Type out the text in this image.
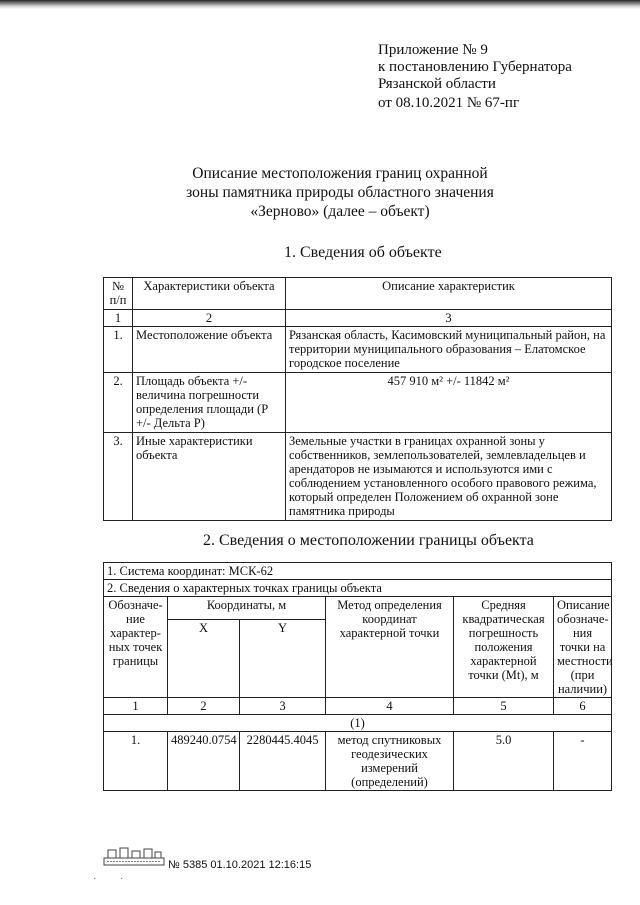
Приложение № 9
к постановлению Губернатора
Рязанской области
от 08.10.2021 № 67-пг
Описание местоположения границ охранной
зоны памятника природы областного значения
«Зерново» (далее – объект)
1. Сведения об объекте
№ п/п	Характеристики объекта	Описание характеристик
1	2	3
1.	Местоположение объекта	Рязанская область, Касимовский муниципальный район, на территории муниципального образования – Елатомское городское поселение
2.	Площадь объекта +/- величина погрешности определения площади (Р +/- Дельта Р)	457 910 м² +/- 11842 м²
3.	Иные характеристики объекта	Земельные участки в границах охранной зоны у собственников, землепользователей, землевладельцев и арендаторов не изымаются и используются ими с соблюдением установленного особого правового режима, который определен Положением об охранной зоне памятника природы
2. Сведения о местоположении границы объекта
1. Система координат: МСК-62					
2. Сведения о характерных точках границы объекта					
Обозначе-ние характер-ных точек границы	Координаты, м		Метод определения координат характерной точки	Средняя квадратическая погрешность положения характерной точки (Mt), м	Описание обозначе-ния точки на местности (при наличии)
	X	Y			
1	2	3	4	5	6
(1)					
1.	489240.0754	2280445.4045	метод спутниковых геодезических измерений (определений)	5.0	-
№ 5385 01.10.2021 12:16:15
· ·
